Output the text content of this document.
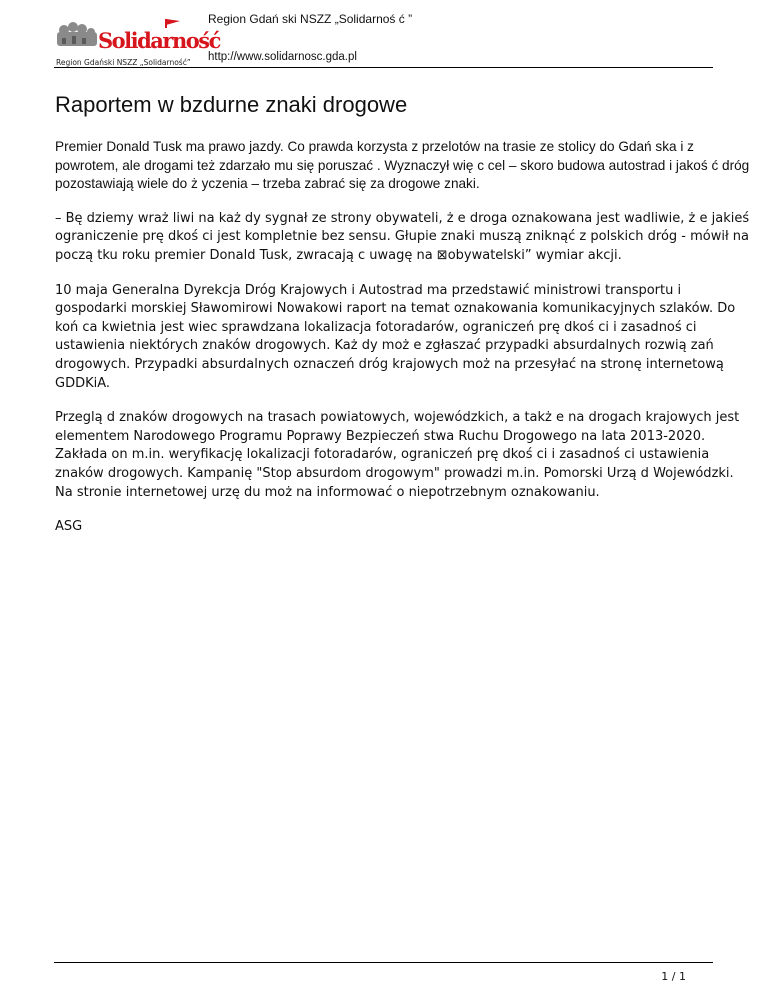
Solidarność
Region Gdański NSZZ „Solidarność”
Region Gdań ski NSZZ „Solidarnoś ć ”
http://www.solidarnosc.gda.pl
Raportem w bzdurne znaki drogowe

Premier Donald Tusk ma prawo jazdy. Co prawda korzysta z przelotów na trasie ze stolicy do Gdań ska i z powrotem, ale drogami też zdarzało mu się poruszać . Wyznaczył wię c cel – skoro budowa autostrad i jakoś ć dróg pozostawiają wiele do ż yczenia – trzeba zabrać się za drogowe znaki.

– Bę dziemy wraż liwi na każ dy sygnał ze strony obywateli, ż e droga oznakowana jest wadliwie, ż e jakieś ograniczenie prę dkoś ci jest kompletnie bez sensu. Głupie znaki muszą zniknąć z polskich dróg - mówił na począ tku roku premier Donald Tusk, zwracają c uwagę na ⊠obywatelski” wymiar akcji.

10 maja Generalna Dyrekcja Dróg Krajowych i Autostrad ma przedstawić ministrowi transportu i gospodarki morskiej Sławomirowi Nowakowi raport na temat oznakowania komunikacyjnych szlaków. Do koń ca kwietnia jest wiec sprawdzana lokalizacja fotoradarów, ograniczeń prę dkoś ci i zasadnoś ci ustawienia niektórych znaków drogowych. Każ dy moż e zgłaszać przypadki absurdalnych rozwią zań drogowych. Przypadki absurdalnych oznaczeń dróg krajowych moż na przesyłać na stronę internetową GDDKiA.

Przeglą d znaków drogowych na trasach powiatowych, wojewódzkich, a takż e na drogach krajowych jest elementem Narodowego Programu Poprawy Bezpieczeń stwa Ruchu Drogowego na lata 2013-2020. Zakłada on m.in. weryfikację lokalizacji fotoradarów, ograniczeń prę dkoś ci i zasadnoś ci ustawienia znaków drogowych. Kampanię "Stop absurdom drogowym" prowadzi m.in. Pomorski Urzą d Wojewódzki. Na stronie internetowej urzę du moż na informować o niepotrzebnym oznakowaniu.

ASG

1 / 1
